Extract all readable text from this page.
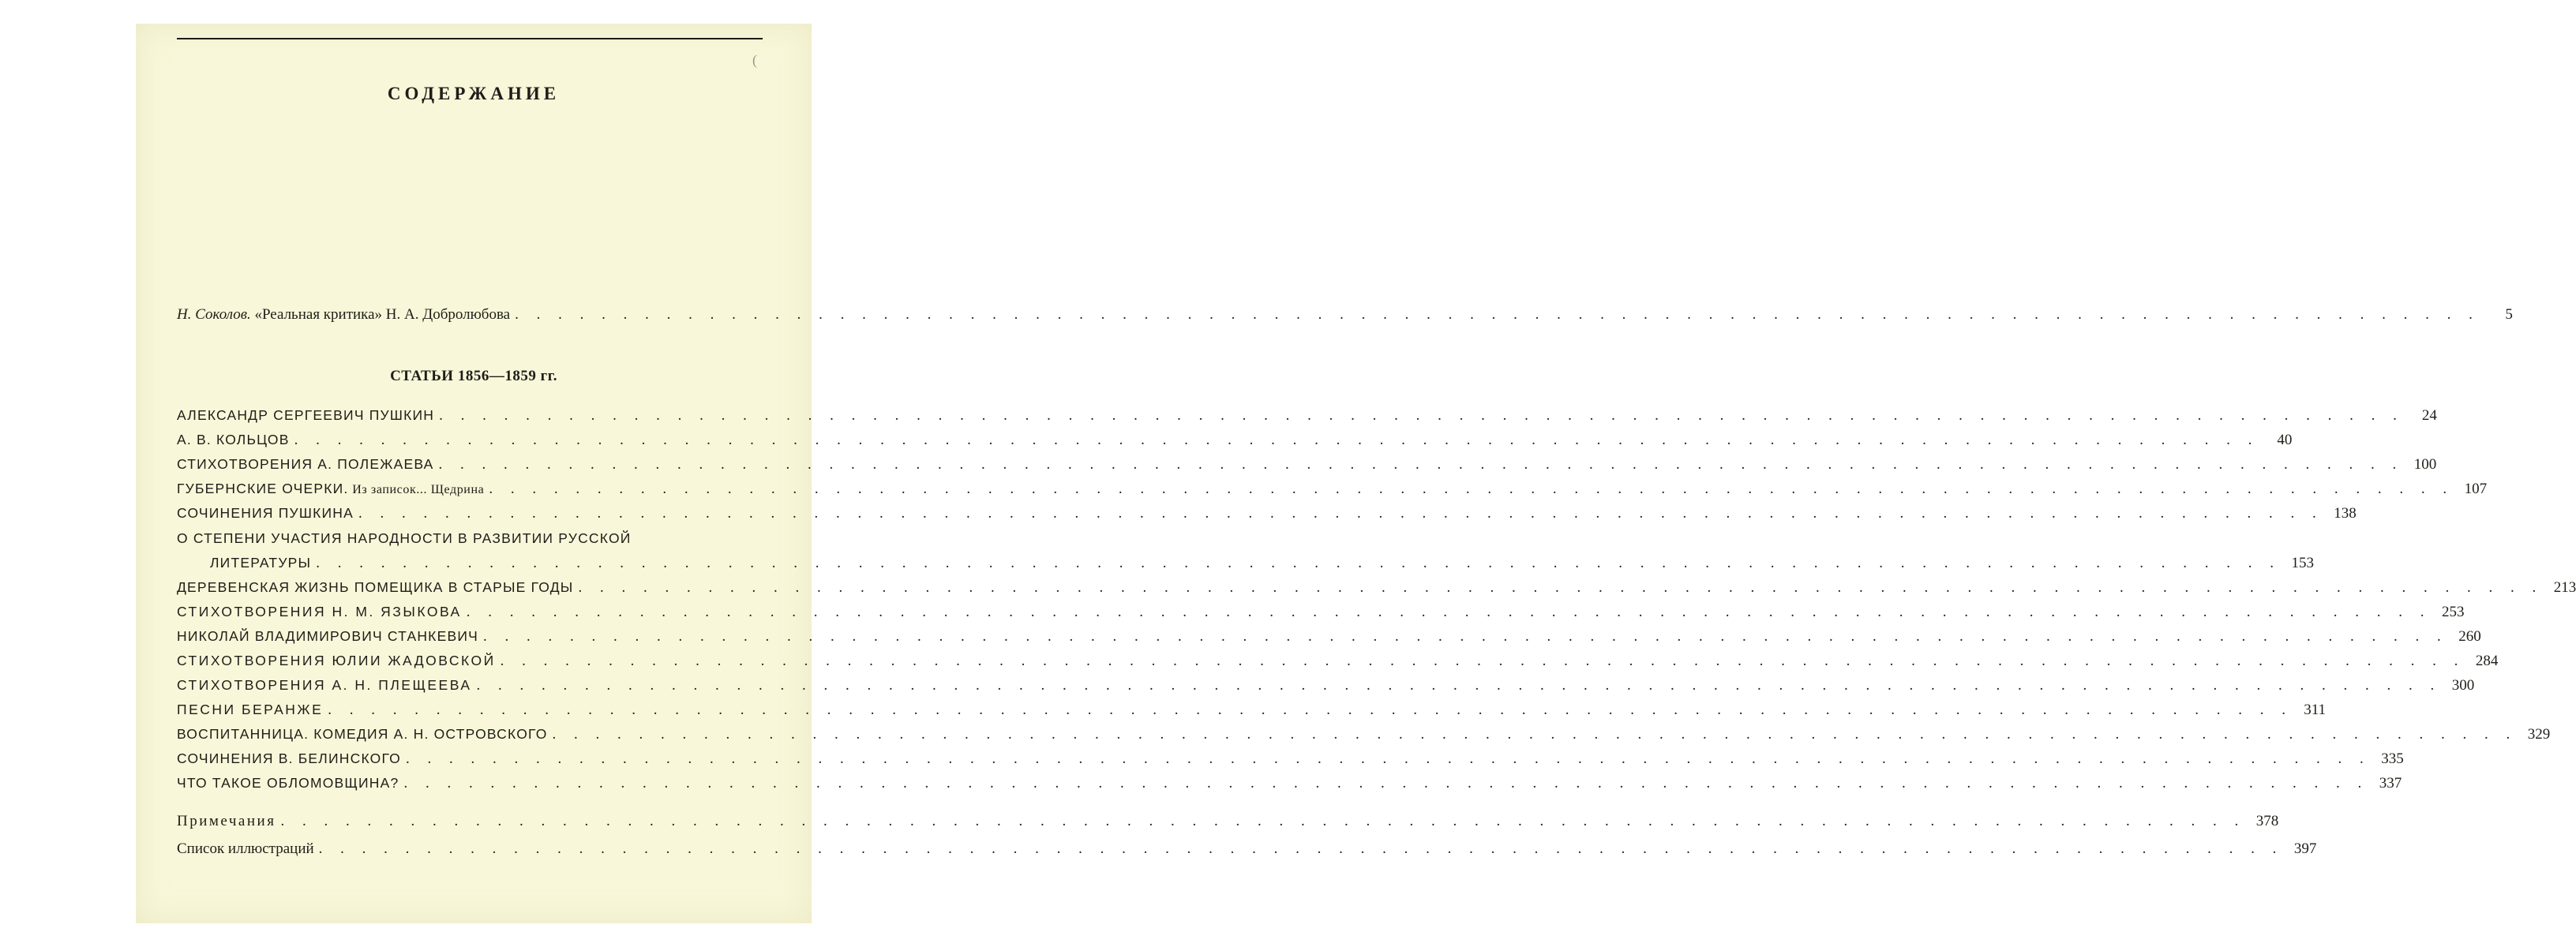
(
СОДЕРЖАНИЕ
Н. Соколов. «Реальная критика» Н. А. Добролюбова . . . . . . . . . . . . . . . . . . . . . . . . . . . . . . . . . . . . . . . . . . . . . . . . . . . . . . . . . . . . . . . . . . . . . . . . . . . . . . . . . . . . . . . . . . .	5
СТАТЬИ 1856—1859 гг.
АЛЕКСАНДР СЕРГЕЕВИЧ ПУШКИН . . . . . . . . . . . . . . . . . . . . . . . . . . . . . . . . . . . . . . . . . . . . . . . . . . . . . . . . . . . . . . . . . . . . . . . . . . . . . . . . . . . . . . . . . . .	24
А. В. КОЛЬЦОВ . . . . . . . . . . . . . . . . . . . . . . . . . . . . . . . . . . . . . . . . . . . . . . . . . . . . . . . . . . . . . . . . . . . . . . . . . . . . . . . . . . . . . . . . . . .	40
СТИХОТВОРЕНИЯ А. ПОЛЕЖАЕВА . . . . . . . . . . . . . . . . . . . . . . . . . . . . . . . . . . . . . . . . . . . . . . . . . . . . . . . . . . . . . . . . . . . . . . . . . . . . . . . . . . . . . . . . . . . 100
ГУБЕРНСКИЕ ОЧЕРКИ. Из записок... Щедрина . . . . . . . . . . . . . . . . . . . . . . . . . . . . . . . . . . . . . . . . . . . . . . . . . . . . . . . . . . . . . . . . . . . . . . . . . . . . . . . . . . . . . . . . . . . 107
СОЧИНЕНИЯ ПУШКИНА . . . . . . . . . . . . . . . . . . . . . . . . . . . . . . . . . . . . . . . . . . . . . . . . . . . . . . . . . . . . . . . . . . . . . . . . . . . . . . . . . . . . . . . . . . . 138
О СТЕПЕНИ УЧАСТИЯ НАРОДНОСТИ В РАЗВИТИИ РУССКОЙ
ЛИТЕРАТУРЫ . . . . . . . . . . . . . . . . . . . . . . . . . . . . . . . . . . . . . . . . . . . . . . . . . . . . . . . . . . . . . . . . . . . . . . . . . . . . . . . . . . . . . . . . . . . 153
ДЕРЕВЕНСКАЯ ЖИЗНЬ ПОМЕЩИКА В СТАРЫЕ ГОДЫ . . . . . . . . . . . . . . . . . . . . . . . . . . . . . . . . . . . . . . . . . . . . . . . . . . . . . . . . . . . . . . . . . . . . . . . . . . . . . . . . . . . . . . . . . . . 213
СТИХОТВОРЕНИЯ Н. М. ЯЗЫКОВА . . . . . . . . . . . . . . . . . . . . . . . . . . . . . . . . . . . . . . . . . . . . . . . . . . . . . . . . . . . . . . . . . . . . . . . . . . . . . . . . . . . . . . . . . . . 253
НИКОЛАЙ ВЛАДИМИРОВИЧ СТАНКЕВИЧ . . . . . . . . . . . . . . . . . . . . . . . . . . . . . . . . . . . . . . . . . . . . . . . . . . . . . . . . . . . . . . . . . . . . . . . . . . . . . . . . . . . . . . . . . . . 260
СТИХОТВОРЕНИЯ ЮЛИИ ЖАДОВСКОЙ . . . . . . . . . . . . . . . . . . . . . . . . . . . . . . . . . . . . . . . . . . . . . . . . . . . . . . . . . . . . . . . . . . . . . . . . . . . . . . . . . . . . . . . . . . . 284
СТИХОТВОРЕНИЯ А. Н. ПЛЕЩЕЕВА . . . . . . . . . . . . . . . . . . . . . . . . . . . . . . . . . . . . . . . . . . . . . . . . . . . . . . . . . . . . . . . . . . . . . . . . . . . . . . . . . . . . . . . . . . . 300
ПЕСНИ БЕРАНЖЕ . . . . . . . . . . . . . . . . . . . . . . . . . . . . . . . . . . . . . . . . . . . . . . . . . . . . . . . . . . . . . . . . . . . . . . . . . . . . . . . . . . . . . . . . . . . 311
ВОСПИТАННИЦА. КОМЕДИЯ А. Н. ОСТРОВСКОГО . . . . . . . . . . . . . . . . . . . . . . . . . . . . . . . . . . . . . . . . . . . . . . . . . . . . . . . . . . . . . . . . . . . . . . . . . . . . . . . . . . . . . . . . . . . 329
СОЧИНЕНИЯ В. БЕЛИНСКОГО . . . . . . . . . . . . . . . . . . . . . . . . . . . . . . . . . . . . . . . . . . . . . . . . . . . . . . . . . . . . . . . . . . . . . . . . . . . . . . . . . . . . . . . . . . . 335
ЧТО ТАКОЕ ОБЛОМОВЩИНА? . . . . . . . . . . . . . . . . . . . . . . . . . . . . . . . . . . . . . . . . . . . . . . . . . . . . . . . . . . . . . . . . . . . . . . . . . . . . . . . . . . . . . . . . . . . 337
Примечания . . . . . . . . . . . . . . . . . . . . . . . . . . . . . . . . . . . . . . . . . . . . . . . . . . . . . . . . . . . . . . . . . . . . . . . . . . . . . . . . . . . . . . . . . . . 378
Список иллюстраций . . . . . . . . . . . . . . . . . . . . . . . . . . . . . . . . . . . . . . . . . . . . . . . . . . . . . . . . . . . . . . . . . . . . . . . . . . . . . . . . . . . . . . . . . . . 397
